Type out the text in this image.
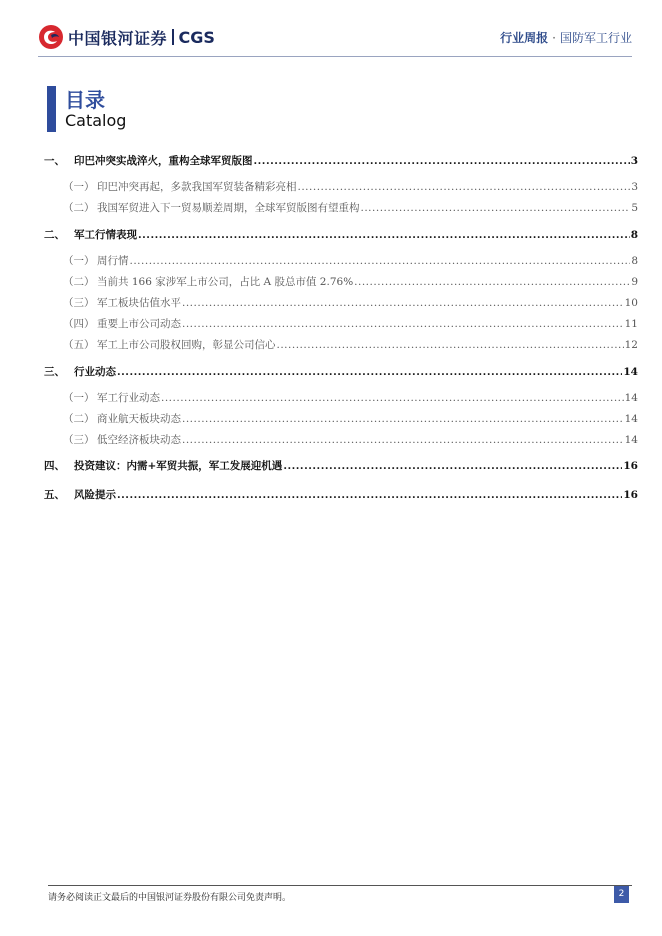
中国银河证券 CGS	行业周报 · 国防军工行业
目录
Catalog
一、 印巴冲突实战淬火，重构全球军贸版图 .....	3
（一） 印巴冲突再起，多款我国军贸装备精彩亮相 .....	3
（二） 我国军贸进入下一贸易顺差周期，全球军贸版图有望重构 .....	5
二、 军工行情表现 .....	8
（一） 周行情 .....	8
（二） 当前共 166 家涉军上市公司，占比 A 股总市值 2.76% .....	9
（三） 军工板块估值水平 .....	10
（四） 重要上市公司动态 .....	11
（五） 军工上市公司股权回购，彰显公司信心 .....	12
三、 行业动态 .....	14
（一） 军工行业动态 .....	14
（二） 商业航天板块动态 .....	14
（三） 低空经济板块动态 .....	14
四、 投资建议：内需+军贸共振，军工发展迎机遇 .....	16
五、 风险提示 .....	16
请务必阅读正文最后的中国银河证券股份有限公司免责声明。	2
